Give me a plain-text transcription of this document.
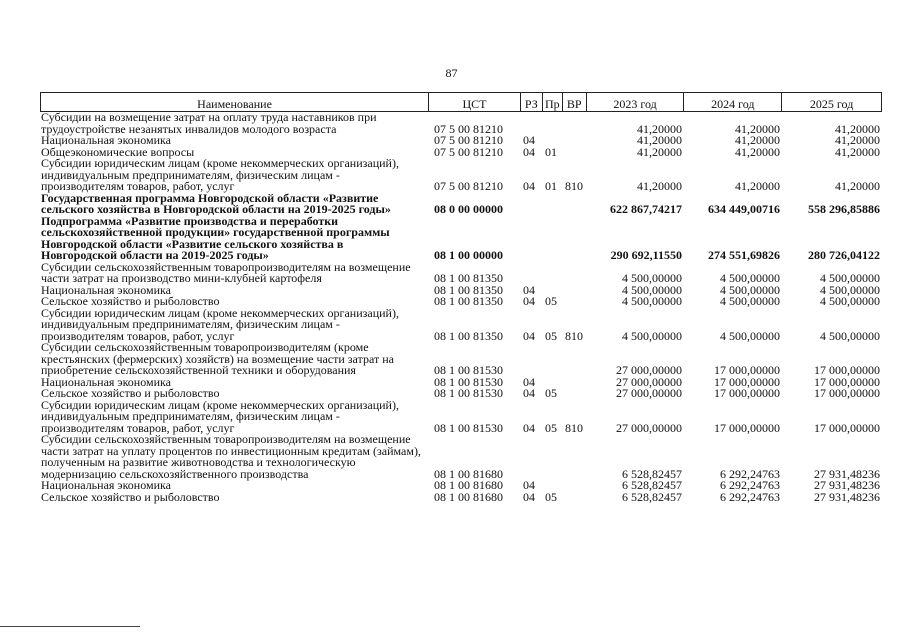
87
Наименование	ЦСТ	РЗ Пр ВР	2023 год	2024 год	2025 год
Субсидии на возмещение затрат на оплату труда наставников при трудоустройстве незанятых инвалидов молодого возраста	07 5 00 81210	41,20000	41,20000	41,20000
Национальная экономика	07 5 00 81210	04	41,20000	41,20000	41,20000
Общеэкономические вопросы	07 5 00 81210	04 01	41,20000	41,20000	41,20000
Субсидии юридическим лицам (кроме некоммерческих организаций), индивидуальным предпринимателям, физическим лицам - производителям товаров, работ, услуг	07 5 00 81210	04 01 810	41,20000	41,20000	41,20000
Государственная программа Новгородской области «Развитие сельского хозяйства в Новгородской области на 2019-2025 годы»	08 0 00 00000	622 867,74217	634 449,00716	558 296,85886
Подпрограмма «Развитие производства и переработки сельскохозяйственной продукции» государственной программы Новгородской области «Развитие сельского хозяйства в Новгородской области на 2019-2025 годы»	08 1 00 00000	290 692,11550	274 551,69826	280 726,04122
Субсидии сельскохозяйственным товаропроизводителям на возмещение части затрат на производство мини-клубней картофеля	08 1 00 81350	4 500,00000	4 500,00000	4 500,00000
Национальная экономика	08 1 00 81350	04	4 500,00000	4 500,00000	4 500,00000
Сельское хозяйство и рыболовство	08 1 00 81350	04 05	4 500,00000	4 500,00000	4 500,00000
Субсидии юридическим лицам (кроме некоммерческих организаций), индивидуальным предпринимателям, физическим лицам - производителям товаров, работ, услуг	08 1 00 81350	04 05 810	4 500,00000	4 500,00000	4 500,00000
Субсидии сельскохозяйственным товаропроизводителям (кроме крестьянских (фермерских) хозяйств) на возмещение части затрат на приобретение сельскохозяйственной техники и оборудования	08 1 00 81530	27 000,00000	17 000,00000	17 000,00000
Национальная экономика	08 1 00 81530	04	27 000,00000	17 000,00000	17 000,00000
Сельское хозяйство и рыболовство	08 1 00 81530	04 05	27 000,00000	17 000,00000	17 000,00000
Субсидии юридическим лицам (кроме некоммерческих организаций), индивидуальным предпринимателям, физическим лицам - производителям товаров, работ, услуг	08 1 00 81530	04 05 810	27 000,00000	17 000,00000	17 000,00000
Субсидии сельскохозяйственным товаропроизводителям на возмещение части затрат на уплату процентов по инвестиционным кредитам (займам), полученным на развитие животноводства и технологическую модернизацию сельскохозяйственного производства	08 1 00 81680	6 528,82457	6 292,24763	27 931,48236
Национальная экономика	08 1 00 81680	04	6 528,82457	6 292,24763	27 931,48236
Сельское хозяйство и рыболовство	08 1 00 81680	04 05	6 528,82457	6 292,24763	27 931,48236
